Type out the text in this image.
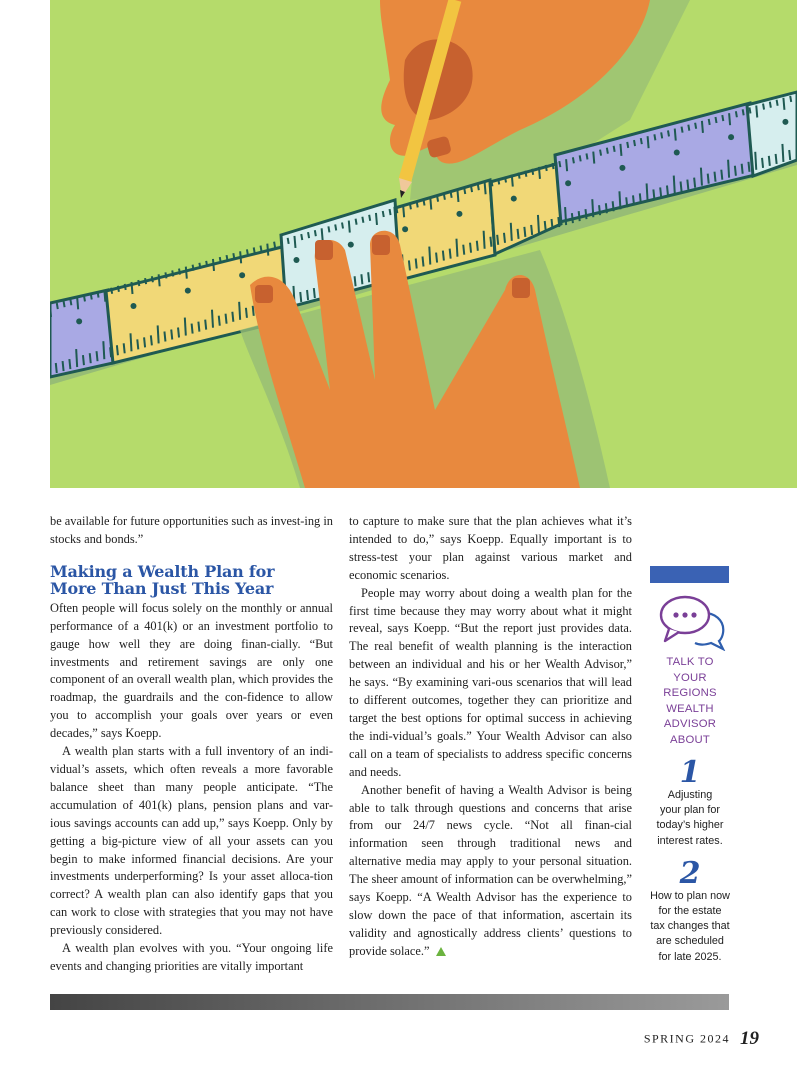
be available for future opportunities such as invest-ing in stocks and bonds.”

Making a Wealth Plan for
More Than Just This Year

Often people will focus solely on the monthly or annual performance of a 401(k) or an investment portfolio to gauge how well they are doing finan-cially. “But investments and retirement savings are only one component of an overall wealth plan, which provides the roadmap, the guardrails and the con-fidence to allow you to accomplish your goals over years or even decades,” says Koepp.

A wealth plan starts with a full inventory of an indi-vidual’s assets, which often reveals a more favorable balance sheet than many people anticipate. “The accumulation of 401(k) plans, pension plans and var-ious savings accounts can add up,” says Koepp. Only by getting a big-picture view of all your assets can you begin to make informed financial decisions. Are your investments underperforming? Is your asset alloca-tion correct? A wealth plan can also identify gaps that you can work to close with strategies that you may not have previously considered.

A wealth plan evolves with you. “Your ongoing life events and changing priorities are vitally important

to capture to make sure that the plan achieves what it’s intended to do,” says Koepp. Equally important is to stress-test your plan against various market and economic scenarios.

People may worry about doing a wealth plan for the first time because they may worry about what it might reveal, says Koepp. “But the report just provides data. The real benefit of wealth planning is the interaction between an individual and his or her Wealth Advisor,” he says. “By examining vari-ous scenarios that will lead to different outcomes, together they can prioritize and target the best options for optimal success in achieving the indi-vidual’s goals.” Your Wealth Advisor can also call on a team of specialists to address specific concerns and needs.

Another benefit of having a Wealth Advisor is being able to talk through questions and concerns that arise from our 24/7 news cycle. “Not all finan-cial information seen through traditional news and alternative media may apply to your personal situation. The sheer amount of information can be overwhelming,” says Koepp. “A Wealth Advisor has the experience to slow down the pace of that information, ascertain its validity and agnostically address clients’ questions to provide solace.”

TALK TO
YOUR REGIONS
WEALTH
ADVISOR ABOUT
1
Adjusting
your plan for
today’s higher
interest rates.
2
How to plan now
for the estate
tax changes that
are scheduled
for late 2025.
SPRING 2024 19
